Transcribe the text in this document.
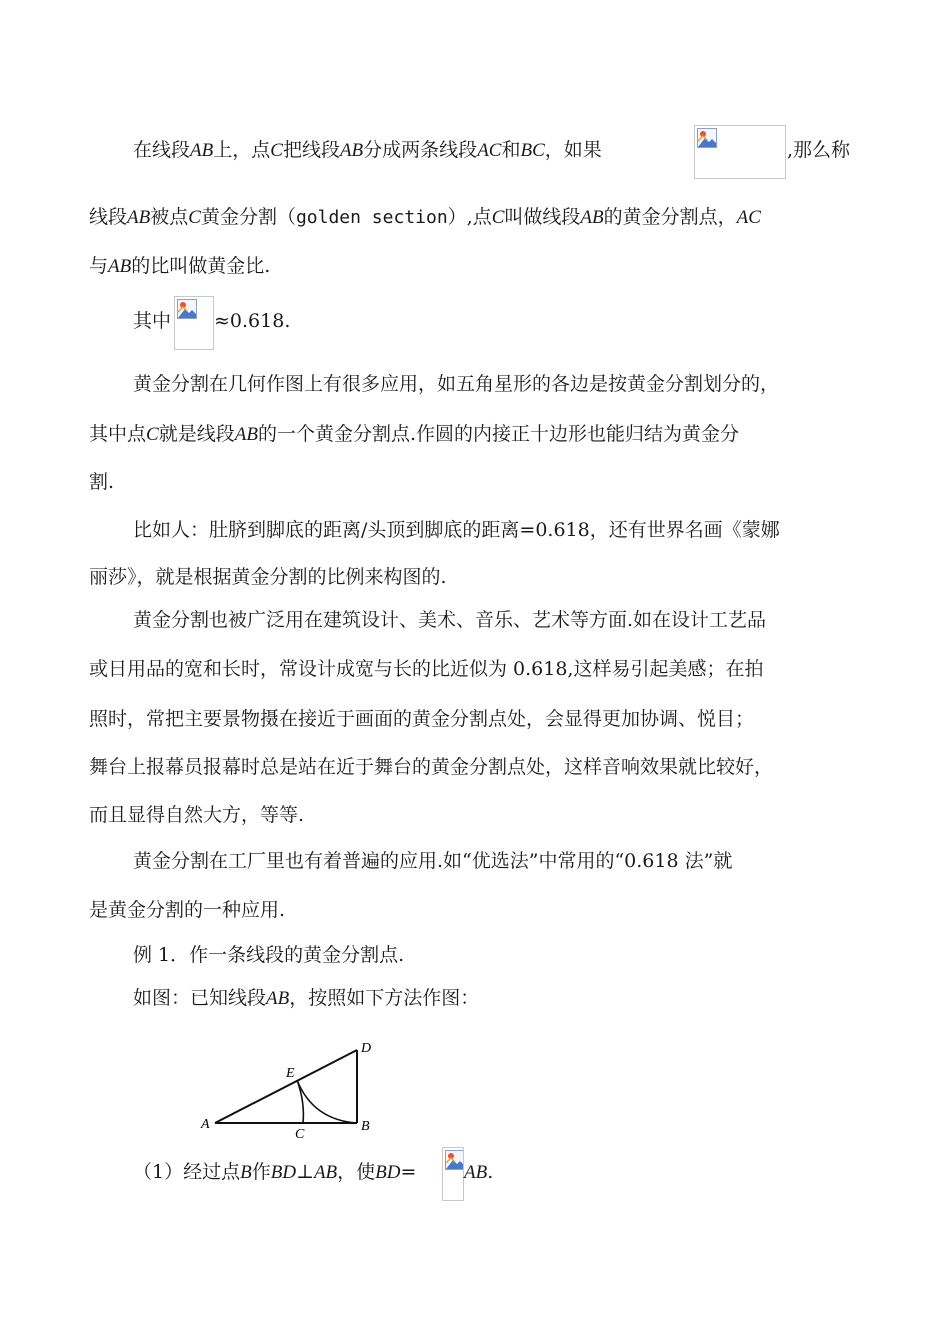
在线段AB上，点C把线段AB分成两条线段AC和BC，如果	,那么称
线段AB被点C黄金分割（golden section）,点C叫做线段AB的黄金分割点，AC
与AB的比叫做黄金比.
其中 ≈0.618.
黄金分割在几何作图上有很多应用，如五角星形的各边是按黄金分割划分的，
其中点C就是线段AB的一个黄金分割点.作圆的内接正十边形也能归结为黄金分
割.
比如人：肚脐到脚底的距离/头顶到脚底的距离=0.618，还有世界名画《蒙娜
丽莎》，就是根据黄金分割的比例来构图的.
黄金分割也被广泛用在建筑设计、美术、音乐、艺术等方面.如在设计工艺品
或日用品的宽和长时，常设计成宽与长的比近似为 0.618,这样易引起美感；在拍
照时，常把主要景物摄在接近于画面的黄金分割点处，会显得更加协调、悦目；
舞台上报幕员报幕时总是站在近于舞台的黄金分割点处，这样音响效果就比较好，
而且显得自然大方，等等.
黄金分割在工厂里也有着普遍的应用.如“优选法”中常用的“0.618 法”就
是黄金分割的一种应用.
例 1．作一条线段的黄金分割点.
如图：已知线段AB，按照如下方法作图：
A	B
C
D
E
（1）经过点B作BD⊥AB，使BD=	AB.
